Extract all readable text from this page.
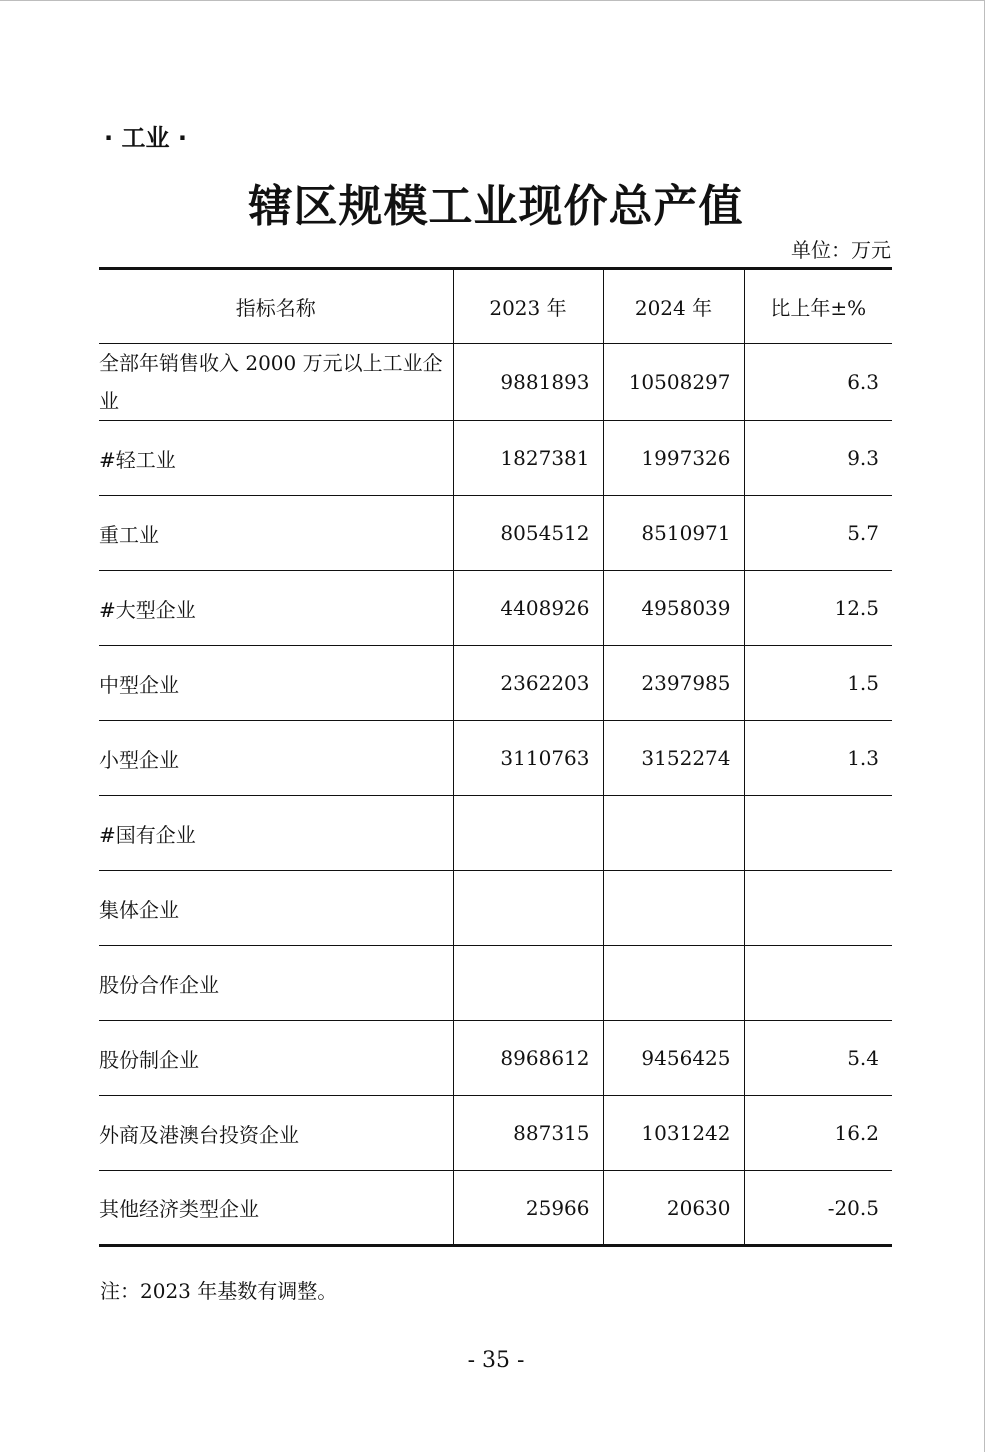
· 工业 ·
辖区规模工业现价总产值
单位：万元
指标名称	2023 年	2024 年	比上年±%
全部年销售收入 2000 万元以上工业企业	9881893	10508297	6.3
#轻工业	1827381	1997326	9.3
重工业	8054512	8510971	5.7
#大型企业	4408926	4958039	12.5
中型企业	2362203	2397985	1.5
小型企业	3110763	3152274	1.3
#国有企业			
集体企业			
股份合作企业			
股份制企业	8968612	9456425	5.4
外商及港澳台投资企业	887315	1031242	16.2
其他经济类型企业	25966	20630	-20.5
注：2023 年基数有调整。
- 35 -
